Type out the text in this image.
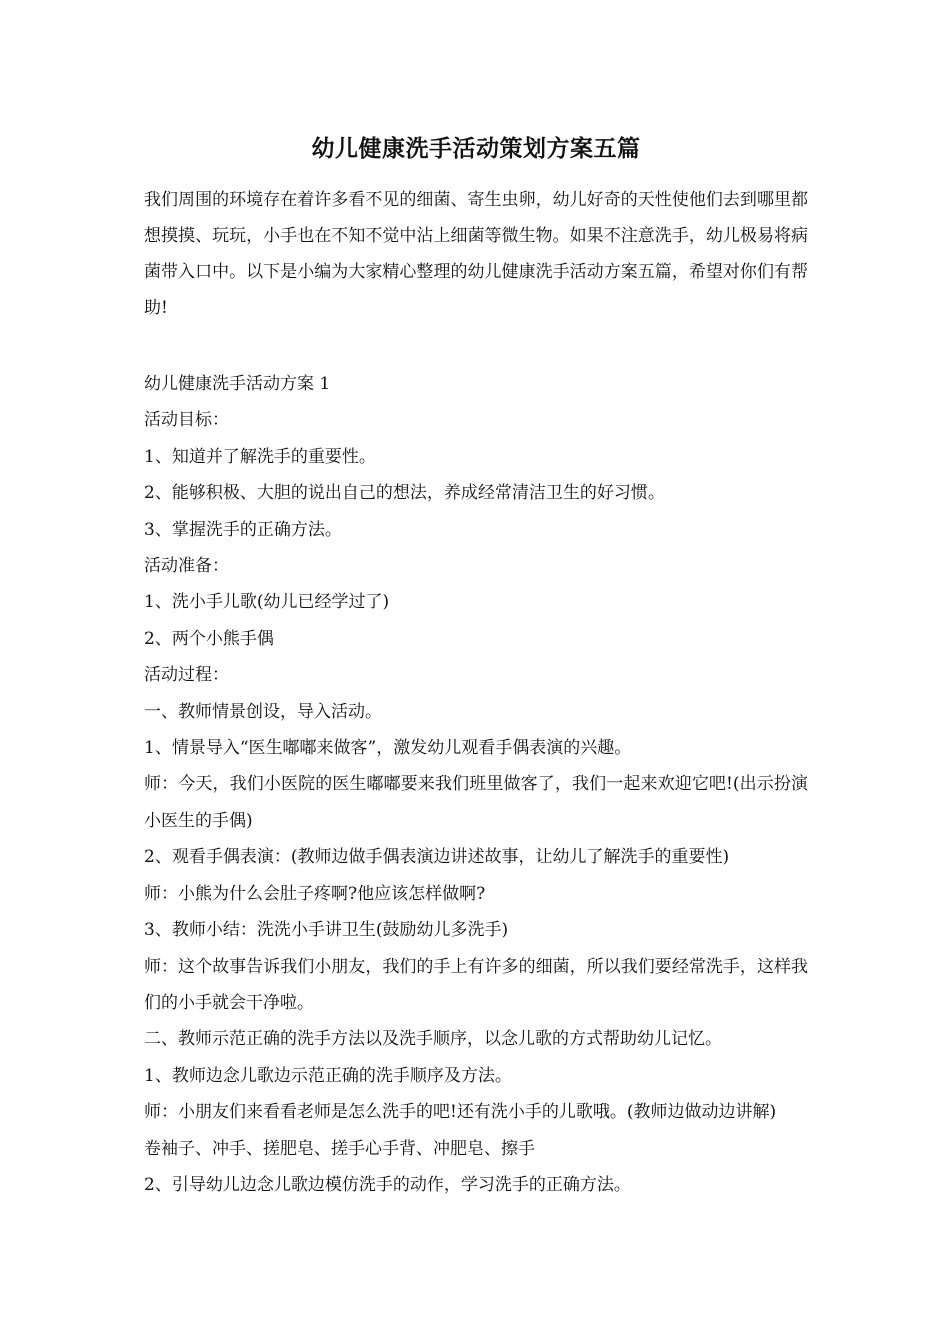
幼儿健康洗手活动策划方案五篇

我们周围的环境存在着许多看不见的细菌、寄生虫卵，幼儿好奇的天性使他们去到哪里都想摸摸、玩玩，小手也在不知不觉中沾上细菌等微生物。如果不注意洗手，幼儿极易将病菌带入口中。以下是小编为大家精心整理的幼儿健康洗手活动方案五篇，希望对你们有帮助!

幼儿健康洗手活动方案 1

活动目标：

1、知道并了解洗手的重要性。

2、能够积极、大胆的说出自己的想法，养成经常清洁卫生的好习惯。

3、掌握洗手的正确方法。

活动准备：

1、洗小手儿歌(幼儿已经学过了)

2、两个小熊手偶

活动过程：

一、教师情景创设，导入活动。

1、情景导入“医生嘟嘟来做客”，激发幼儿观看手偶表演的兴趣。

师：今天，我们小医院的医生嘟嘟要来我们班里做客了，我们一起来欢迎它吧!(出示扮演小医生的手偶)

2、观看手偶表演：(教师边做手偶表演边讲述故事，让幼儿了解洗手的重要性)

师：小熊为什么会肚子疼啊?他应该怎样做啊?

3、教师小结：洗洗小手讲卫生(鼓励幼儿多洗手)

师：这个故事告诉我们小朋友，我们的手上有许多的细菌，所以我们要经常洗手，这样我们的小手就会干净啦。

二、教师示范正确的洗手方法以及洗手顺序，以念儿歌的方式帮助幼儿记忆。

1、教师边念儿歌边示范正确的洗手顺序及方法。

师：小朋友们来看看老师是怎么洗手的吧!还有洗小手的儿歌哦。(教师边做动边讲解)

卷袖子、冲手、搓肥皂、搓手心手背、冲肥皂、擦手

2、引导幼儿边念儿歌边模仿洗手的动作，学习洗手的正确方法。
